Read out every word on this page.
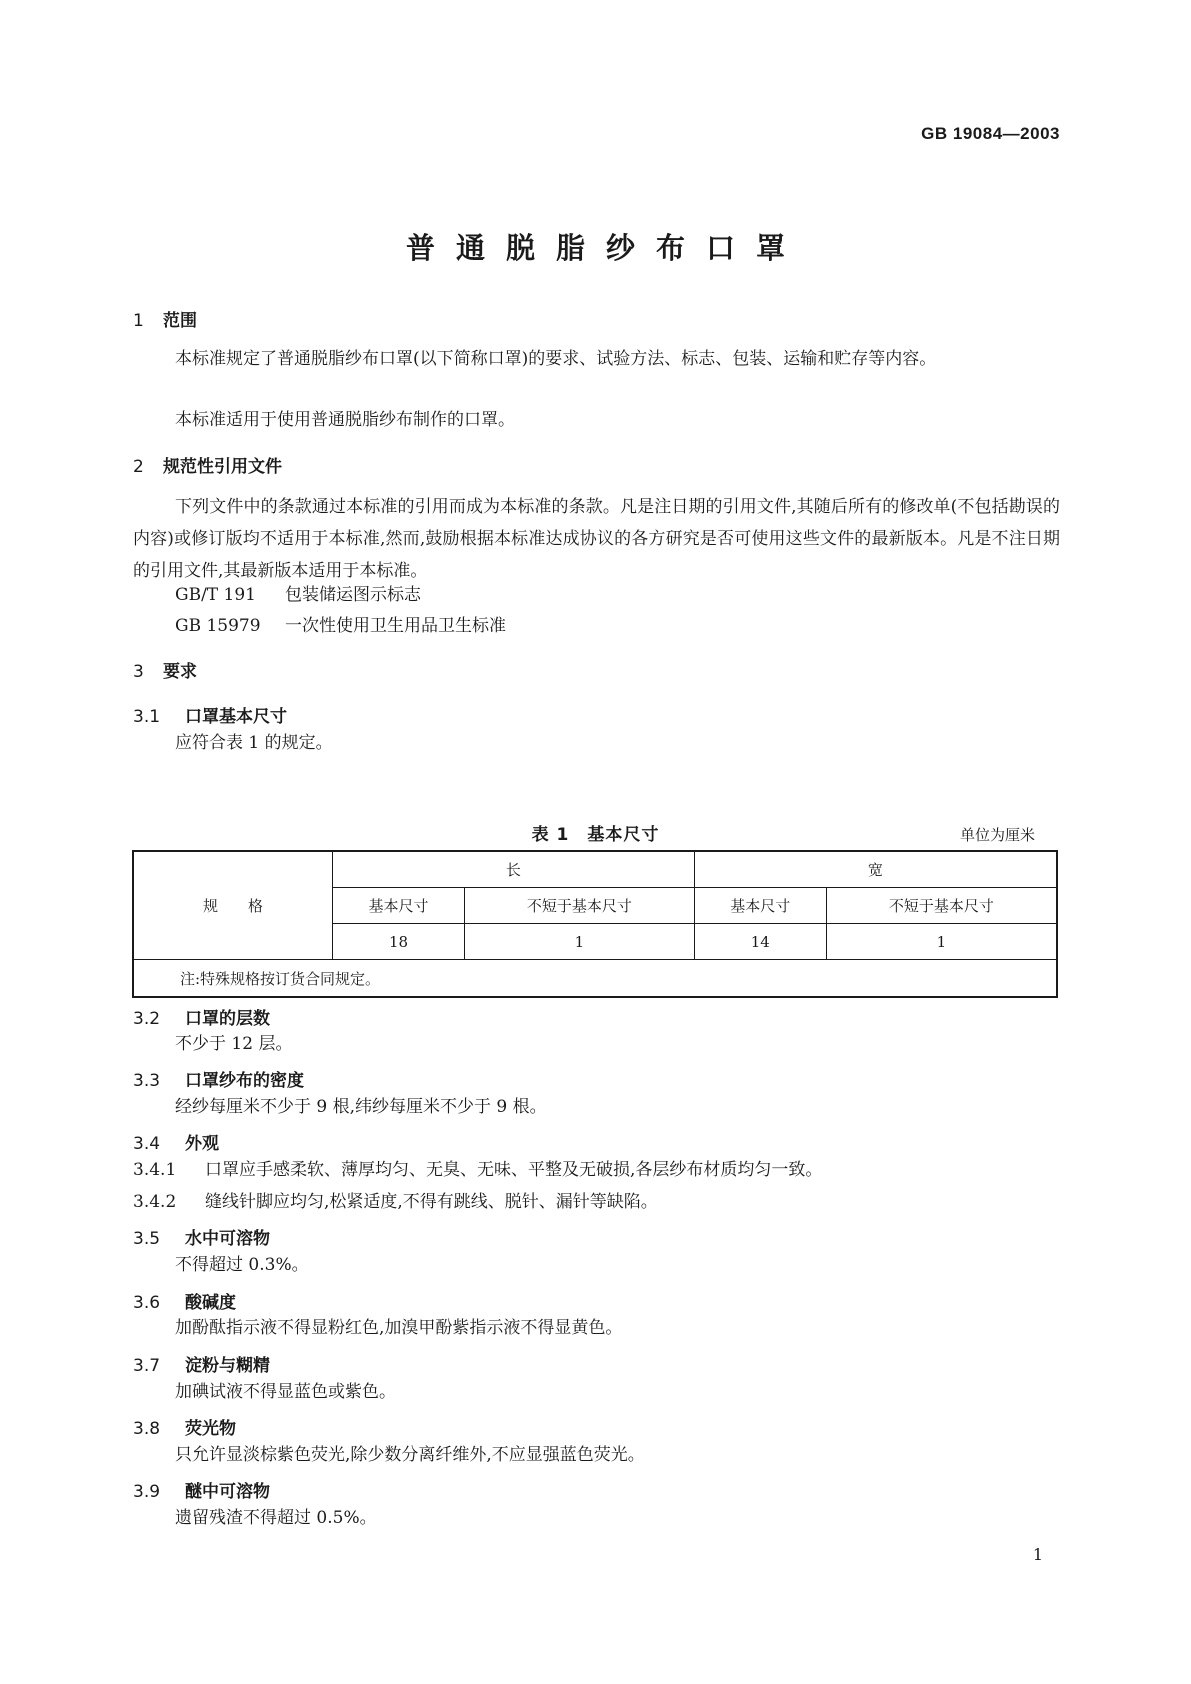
GB 19084—2003
普通脱脂纱布口罩
1 范围
本标准规定了普通脱脂纱布口罩(以下简称口罩)的要求、试验方法、标志、包装、运输和贮存等内容。
本标准适用于使用普通脱脂纱布制作的口罩。
2 规范性引用文件
下列文件中的条款通过本标准的引用而成为本标准的条款。凡是注日期的引用文件,其随后所有的修改单(不包括勘误的内容)或修订版均不适用于本标准,然而,鼓励根据本标准达成协议的各方研究是否可使用这些文件的最新版本。凡是不注日期的引用文件,其最新版本适用于本标准。
GB/T 191 包装储运图示标志
GB 15979 一次性使用卫生用品卫生标准
3 要求
3.1 口罩基本尺寸
应符合表 1 的规定。
表 1　基本尺寸	单位为厘米
规　　格	长		宽	
	基本尺寸	不短于基本尺寸	基本尺寸	不短于基本尺寸
	18	1	14	1
注:特殊规格按订货合同规定。				
3.2 口罩的层数
不少于 12 层。
3.3 口罩纱布的密度
经纱每厘米不少于 9 根,纬纱每厘米不少于 9 根。
3.4 外观
3.4.1 口罩应手感柔软、薄厚均匀、无臭、无味、平整及无破损,各层纱布材质均匀一致。
3.4.2 缝线针脚应均匀,松紧适度,不得有跳线、脱针、漏针等缺陷。
3.5 水中可溶物
不得超过 0.3%。
3.6 酸碱度
加酚酞指示液不得显粉红色,加溴甲酚紫指示液不得显黄色。
3.7 淀粉与糊精
加碘试液不得显蓝色或紫色。
3.8 荧光物
只允许显淡棕紫色荧光,除少数分离纤维外,不应显强蓝色荧光。
3.9 醚中可溶物
遗留残渣不得超过 0.5%。
1
